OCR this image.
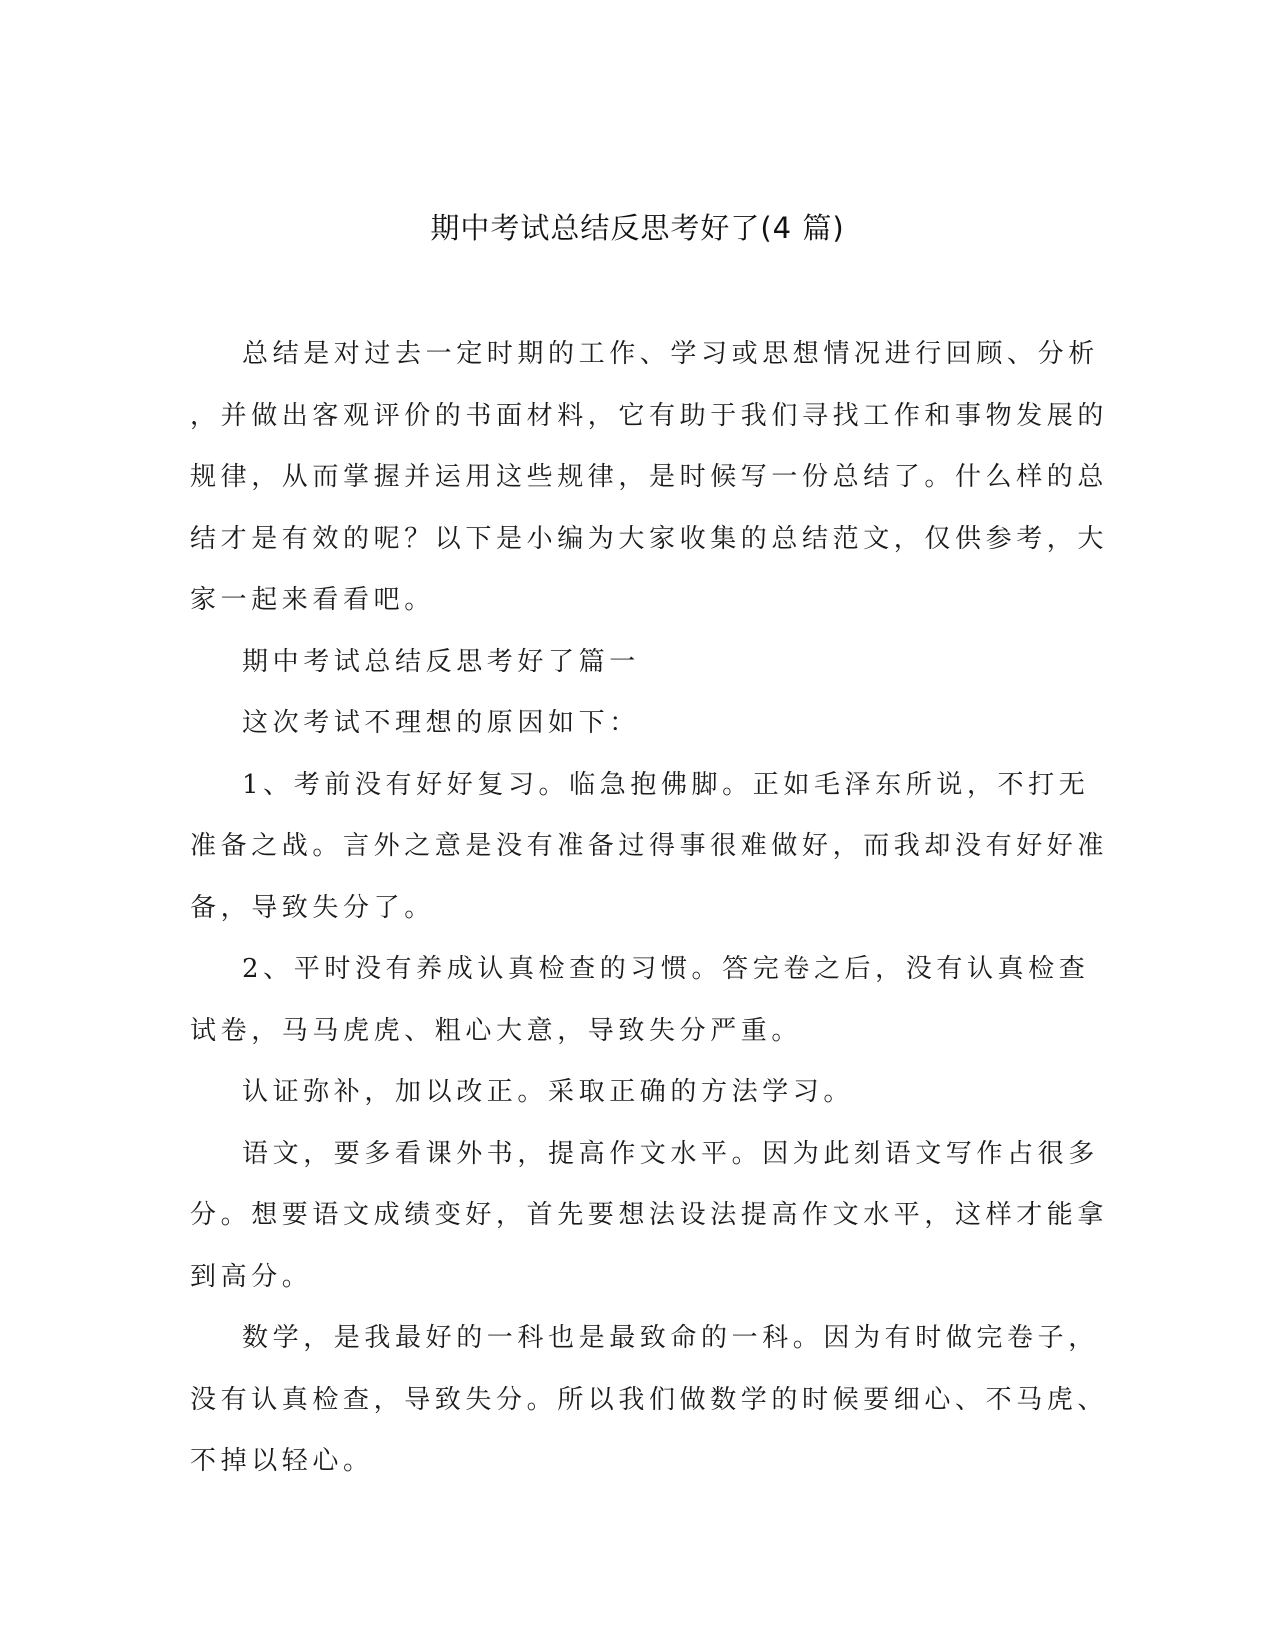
期中考试总结反思考好了(4 篇)

总结是对过去一定时期的工作、学习或思想情况进行回顾、分析

，并做出客观评价的书面材料，它有助于我们寻找工作和事物发展的

规律，从而掌握并运用这些规律，是时候写一份总结了。什么样的总

结才是有效的呢？以下是小编为大家收集的总结范文，仅供参考，大

家一起来看看吧。

期中考试总结反思考好了篇一

这次考试不理想的原因如下：

1、考前没有好好复习。临急抱佛脚。正如毛泽东所说，不打无

准备之战。言外之意是没有准备过得事很难做好，而我却没有好好准

备，导致失分了。

2、平时没有养成认真检查的习惯。答完卷之后，没有认真检查

试卷，马马虎虎、粗心大意，导致失分严重。

认证弥补，加以改正。采取正确的方法学习。

语文，要多看课外书，提高作文水平。因为此刻语文写作占很多

分。想要语文成绩变好，首先要想法设法提高作文水平，这样才能拿

到高分。

数学，是我最好的一科也是最致命的一科。因为有时做完卷子，

没有认真检查，导致失分。所以我们做数学的时候要细心、不马虎、

不掉以轻心。
